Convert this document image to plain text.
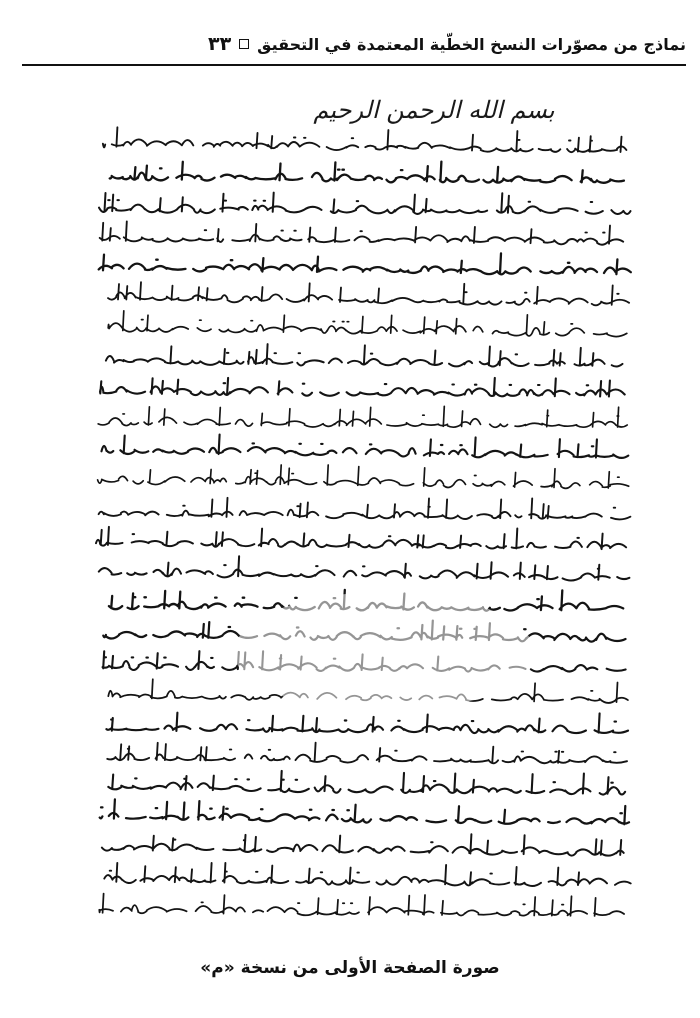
نماذج من مصوّرات النسخ الخطّية المعتمدة في التحقيق
٣٣
بسم الله الرحمن الرحيم
صورة الصفحة الأولى من نسخة «م»
